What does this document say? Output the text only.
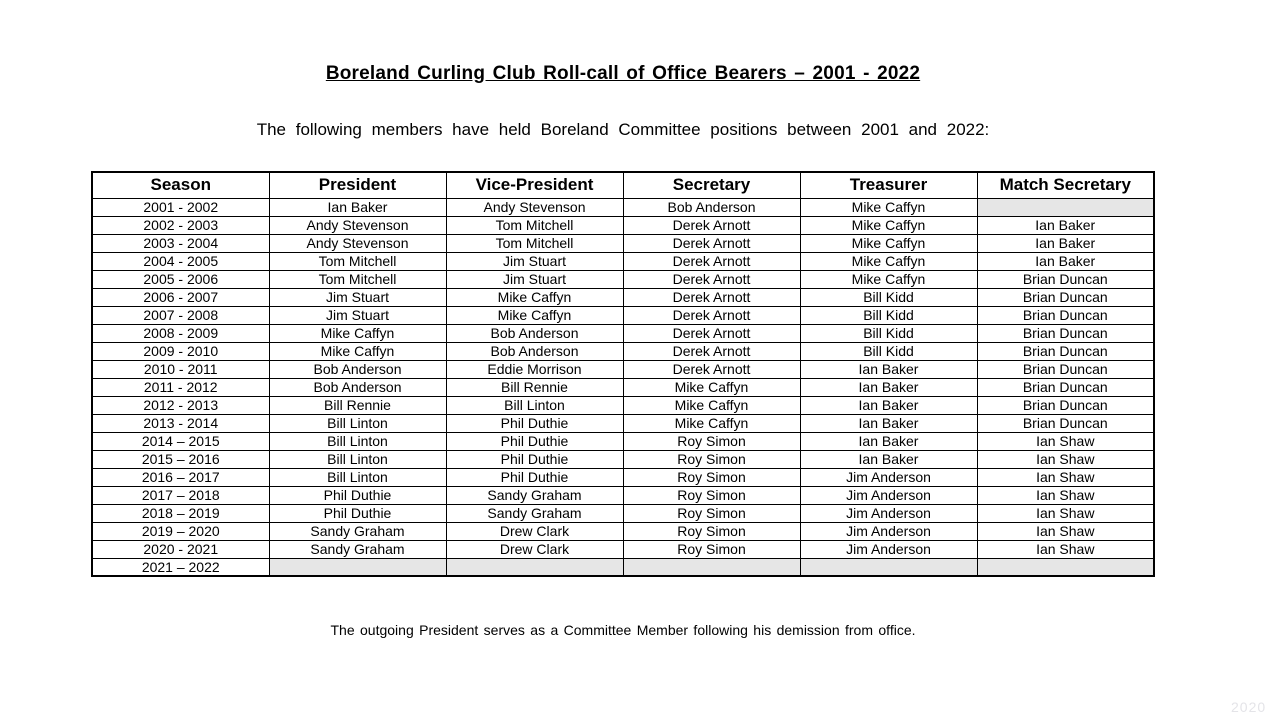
Boreland Curling Club Roll-call of Office Bearers – 2001 - 2022
The following members have held Boreland Committee positions between 2001 and 2022:
Season	President	Vice-President	Secretary	Treasurer	Match Secretary
2001 - 2002	Ian Baker	Andy Stevenson	Bob Anderson	Mike Caffyn	
2002 - 2003	Andy Stevenson	Tom Mitchell	Derek Arnott	Mike Caffyn	Ian Baker
2003 - 2004	Andy Stevenson	Tom Mitchell	Derek Arnott	Mike Caffyn	Ian Baker
2004 - 2005	Tom Mitchell	Jim Stuart	Derek Arnott	Mike Caffyn	Ian Baker
2005 - 2006	Tom Mitchell	Jim Stuart	Derek Arnott	Mike Caffyn	Brian Duncan
2006 - 2007	Jim Stuart	Mike Caffyn	Derek Arnott	Bill Kidd	Brian Duncan
2007 - 2008	Jim Stuart	Mike Caffyn	Derek Arnott	Bill Kidd	Brian Duncan
2008 - 2009	Mike Caffyn	Bob Anderson	Derek Arnott	Bill Kidd	Brian Duncan
2009 - 2010	Mike Caffyn	Bob Anderson	Derek Arnott	Bill Kidd	Brian Duncan
2010 - 2011	Bob Anderson	Eddie Morrison	Derek Arnott	Ian Baker	Brian Duncan
2011 - 2012	Bob Anderson	Bill Rennie	Mike Caffyn	Ian Baker	Brian Duncan
2012 - 2013	Bill Rennie	Bill Linton	Mike Caffyn	Ian Baker	Brian Duncan
2013 - 2014	Bill Linton	Phil Duthie	Mike Caffyn	Ian Baker	Brian Duncan
2014 – 2015	Bill Linton	Phil Duthie	Roy Simon	Ian Baker	Ian Shaw
2015 – 2016	Bill Linton	Phil Duthie	Roy Simon	Ian Baker	Ian Shaw
2016 – 2017	Bill Linton	Phil Duthie	Roy Simon	Jim Anderson	Ian Shaw
2017 – 2018	Phil Duthie	Sandy Graham	Roy Simon	Jim Anderson	Ian Shaw
2018 – 2019	Phil Duthie	Sandy Graham	Roy Simon	Jim Anderson	Ian Shaw
2019 – 2020	Sandy Graham	Drew Clark	Roy Simon	Jim Anderson	Ian Shaw
2020 - 2021	Sandy Graham	Drew Clark	Roy Simon	Jim Anderson	Ian Shaw
2021 – 2022					
The outgoing President serves as a Committee Member following his demission from office.
2020
